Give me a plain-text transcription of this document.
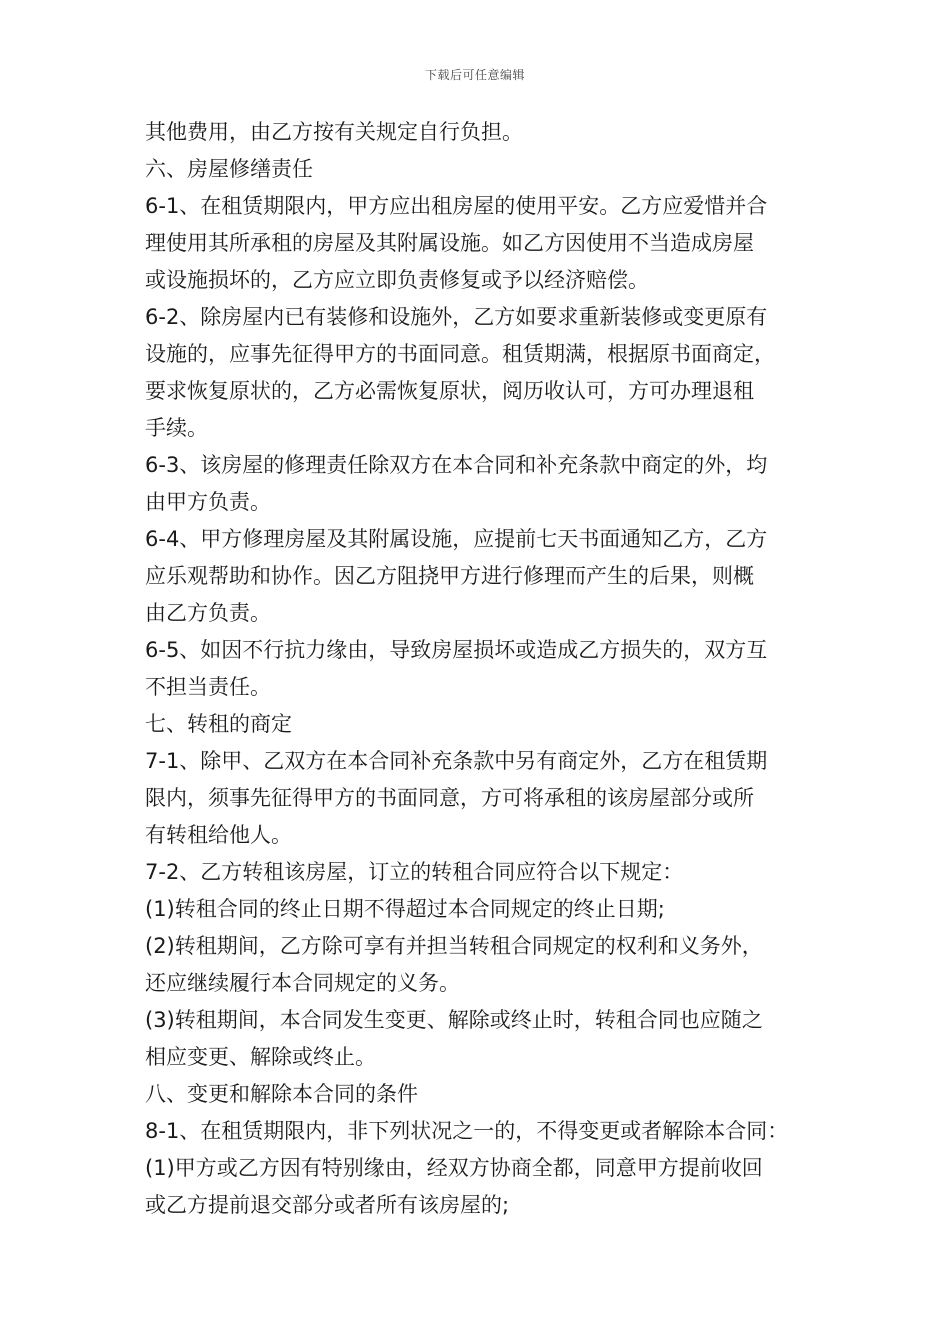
下载后可任意编辑
其他费用，由乙方按有关规定自行负担。
六、房屋修缮责任
6-1、在租赁期限内，甲方应出租房屋的使用平安。乙方应爱惜并合
理使用其所承租的房屋及其附属设施。如乙方因使用不当造成房屋
或设施损坏的，乙方应立即负责修复或予以经济赔偿。
6-2、除房屋内已有装修和设施外，乙方如要求重新装修或变更原有
设施的，应事先征得甲方的书面同意。租赁期满，根据原书面商定，
要求恢复原状的，乙方必需恢复原状，阅历收认可，方可办理退租
手续。
6-3、该房屋的修理责任除双方在本合同和补充条款中商定的外，均
由甲方负责。
6-4、甲方修理房屋及其附属设施，应提前七天书面通知乙方，乙方
应乐观帮助和协作。因乙方阻挠甲方进行修理而产生的后果，则概
由乙方负责。
6-5、如因不行抗力缘由，导致房屋损坏或造成乙方损失的，双方互
不担当责任。
七、转租的商定
7-1、除甲、乙双方在本合同补充条款中另有商定外，乙方在租赁期
限内，须事先征得甲方的书面同意，方可将承租的该房屋部分或所
有转租给他人。
7-2、乙方转租该房屋，订立的转租合同应符合以下规定：
(1)转租合同的终止日期不得超过本合同规定的终止日期;
(2)转租期间，乙方除可享有并担当转租合同规定的权利和义务外，
还应继续履行本合同规定的义务。
(3)转租期间，本合同发生变更、解除或终止时，转租合同也应随之
相应变更、解除或终止。
八、变更和解除本合同的条件
8-1、在租赁期限内，非下列状况之一的，不得变更或者解除本合同：
(1)甲方或乙方因有特别缘由，经双方协商全都，同意甲方提前收回
或乙方提前退交部分或者所有该房屋的;
